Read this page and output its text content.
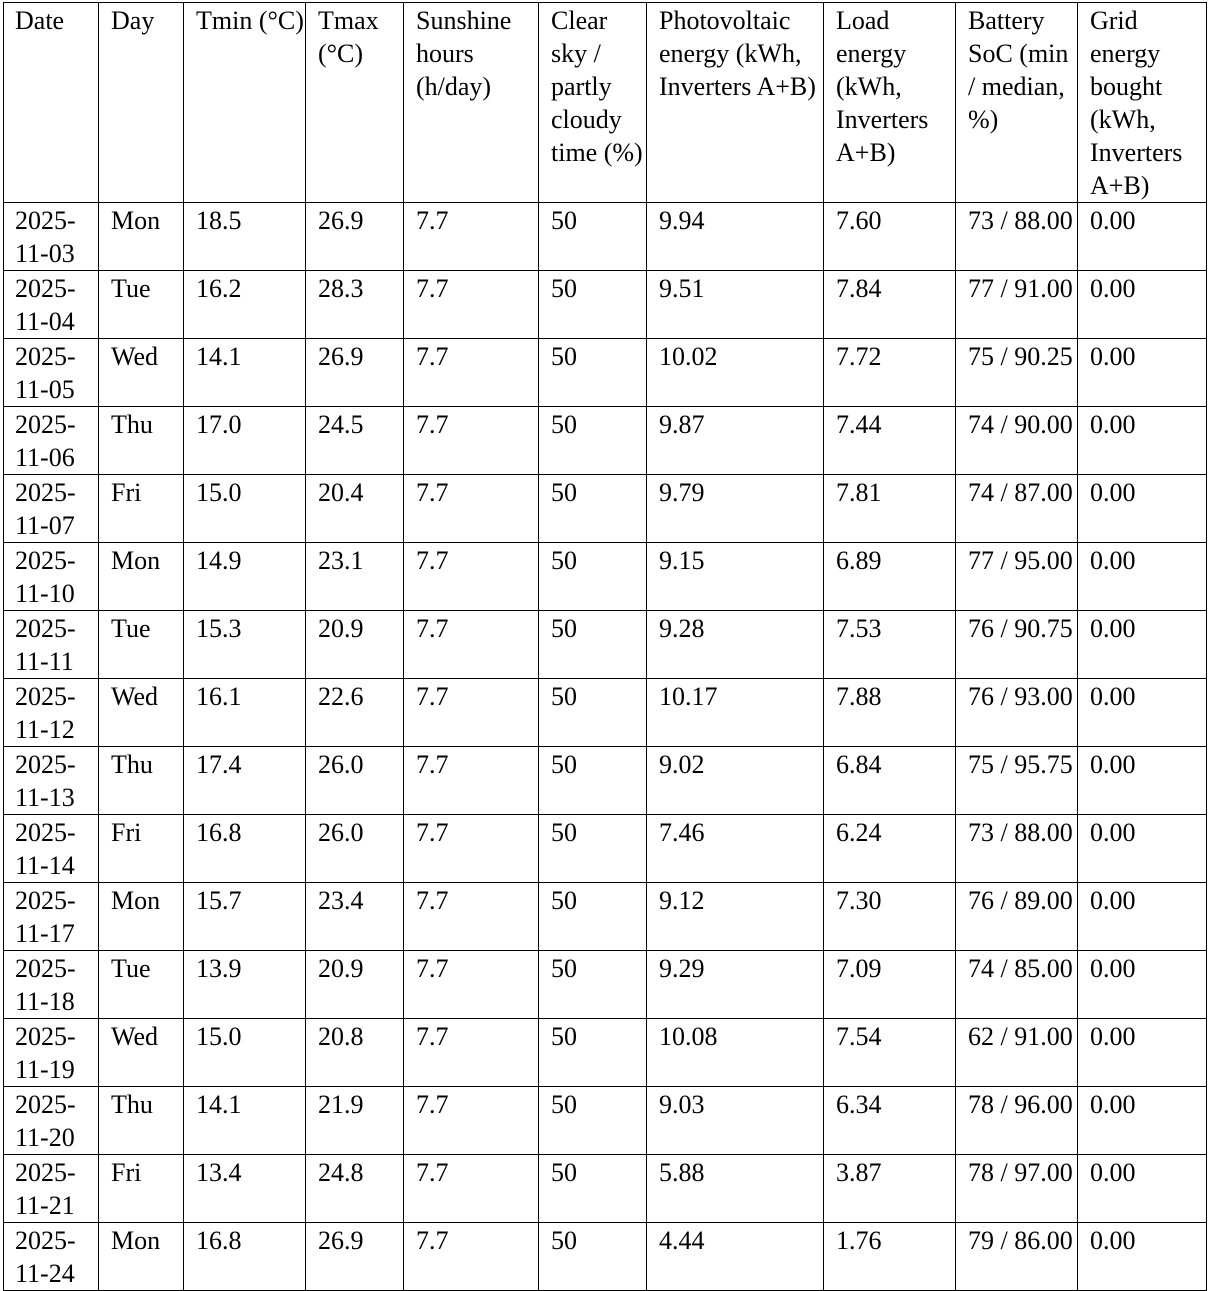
Date	Day	Tmin (°C)	Tmax (°C)	Sunshine hours (h/day)	Clear sky / partly cloudy time (%)	Photovoltaic energy (kWh, Inverters A+B)	Load energy (kWh, Inverters A+B)	Battery SoC (min / median, %)	Grid energy bought (kWh, Inverters A+B)
2025-11-03	Mon	18.5	26.9	7.7	50	9.94	7.60	73 / 88.00	0.00
2025-11-04	Tue	16.2	28.3	7.7	50	9.51	7.84	77 / 91.00	0.00
2025-11-05	Wed	14.1	26.9	7.7	50	10.02	7.72	75 / 90.25	0.00
2025-11-06	Thu	17.0	24.5	7.7	50	9.87	7.44	74 / 90.00	0.00
2025-11-07	Fri	15.0	20.4	7.7	50	9.79	7.81	74 / 87.00	0.00
2025-11-10	Mon	14.9	23.1	7.7	50	9.15	6.89	77 / 95.00	0.00
2025-11-11	Tue	15.3	20.9	7.7	50	9.28	7.53	76 / 90.75	0.00
2025-11-12	Wed	16.1	22.6	7.7	50	10.17	7.88	76 / 93.00	0.00
2025-11-13	Thu	17.4	26.0	7.7	50	9.02	6.84	75 / 95.75	0.00
2025-11-14	Fri	16.8	26.0	7.7	50	7.46	6.24	73 / 88.00	0.00
2025-11-17	Mon	15.7	23.4	7.7	50	9.12	7.30	76 / 89.00	0.00
2025-11-18	Tue	13.9	20.9	7.7	50	9.29	7.09	74 / 85.00	0.00
2025-11-19	Wed	15.0	20.8	7.7	50	10.08	7.54	62 / 91.00	0.00
2025-11-20	Thu	14.1	21.9	7.7	50	9.03	6.34	78 / 96.00	0.00
2025-11-21	Fri	13.4	24.8	7.7	50	5.88	3.87	78 / 97.00	0.00
2025-11-24	Mon	16.8	26.9	7.7	50	4.44	1.76	79 / 86.00	0.00
